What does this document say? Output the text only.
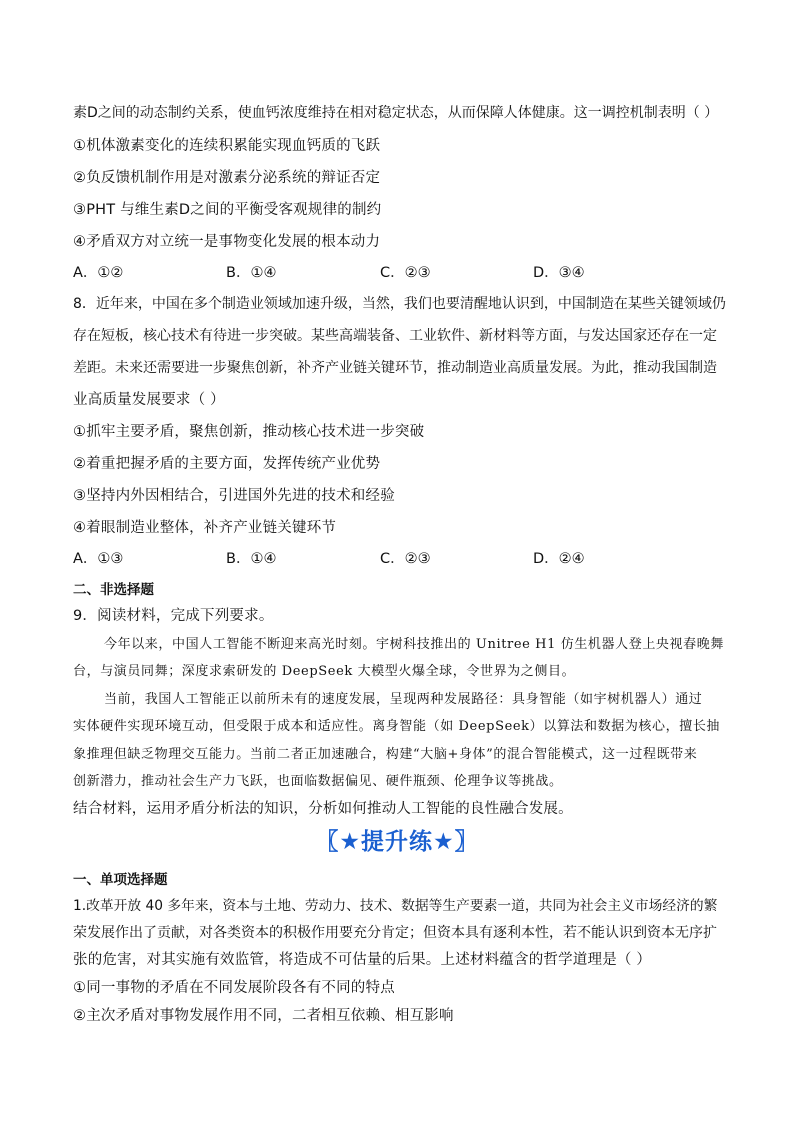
素D之间的动态制约关系，使血钙浓度维持在相对稳定状态，从而保障人体健康。这一调控机制表明（ ）
①机体激素变化的连续积累能实现血钙质的飞跃
②负反馈机制作用是对激素分泌系统的辩证否定
③PHT 与维生素D之间的平衡受客观规律的制约
④矛盾双方对立统一是事物变化发展的根本动力
A．①②	B．①④	C．②③	D．③④
8．近年来，中国在多个制造业领域加速升级，当然，我们也要清醒地认识到，中国制造在某些关键领域仍
存在短板，核心技术有待进一步突破。某些高端装备、工业软件、新材料等方面，与发达国家还存在一定
差距。未来还需要进一步聚焦创新，补齐产业链关键环节，推动制造业高质量发展。为此，推动我国制造
业高质量发展要求（ ）
①抓牢主要矛盾，聚焦创新，推动核心技术进一步突破
②着重把握矛盾的主要方面，发挥传统产业优势
③坚持内外因相结合，引进国外先进的技术和经验
④着眼制造业整体，补齐产业链关键环节
A．①③	B．①④	C．②③	D．②④
二、非选择题
9．阅读材料，完成下列要求。
今年以来，中国人工智能不断迎来高光时刻。宇树科技推出的 Unitree H1 仿生机器人登上央视春晚舞
台，与演员同舞；深度求索研发的 DeepSeek 大模型火爆全球，令世界为之侧目。
当前，我国人工智能正以前所未有的速度发展，呈现两种发展路径：具身智能（如宇树机器人）通过
实体硬件实现环境互动，但受限于成本和适应性。离身智能（如 DeepSeek）以算法和数据为核心，擅长抽
象推理但缺乏物理交互能力。当前二者正加速融合，构建“大脑+身体”的混合智能模式，这一过程既带来
创新潜力，推动社会生产力飞跃，也面临数据偏见、硬件瓶颈、伦理争议等挑战。
结合材料，运用矛盾分析法的知识，分析如何推动人工智能的良性融合发展。
〖★提升练★〗
一、单项选择题
1.改革开放 40 多年来，资本与土地、劳动力、技术、数据等生产要素一道，共同为社会主义市场经济的繁
荣发展作出了贡献，对各类资本的积极作用要充分肯定；但资本具有逐利本性，若不能认识到资本无序扩
张的危害，对其实施有效监管，将造成不可估量的后果。上述材料蕴含的哲学道理是（ ）
①同一事物的矛盾在不同发展阶段各有不同的特点
②主次矛盾对事物发展作用不同，二者相互依赖、相互影响
